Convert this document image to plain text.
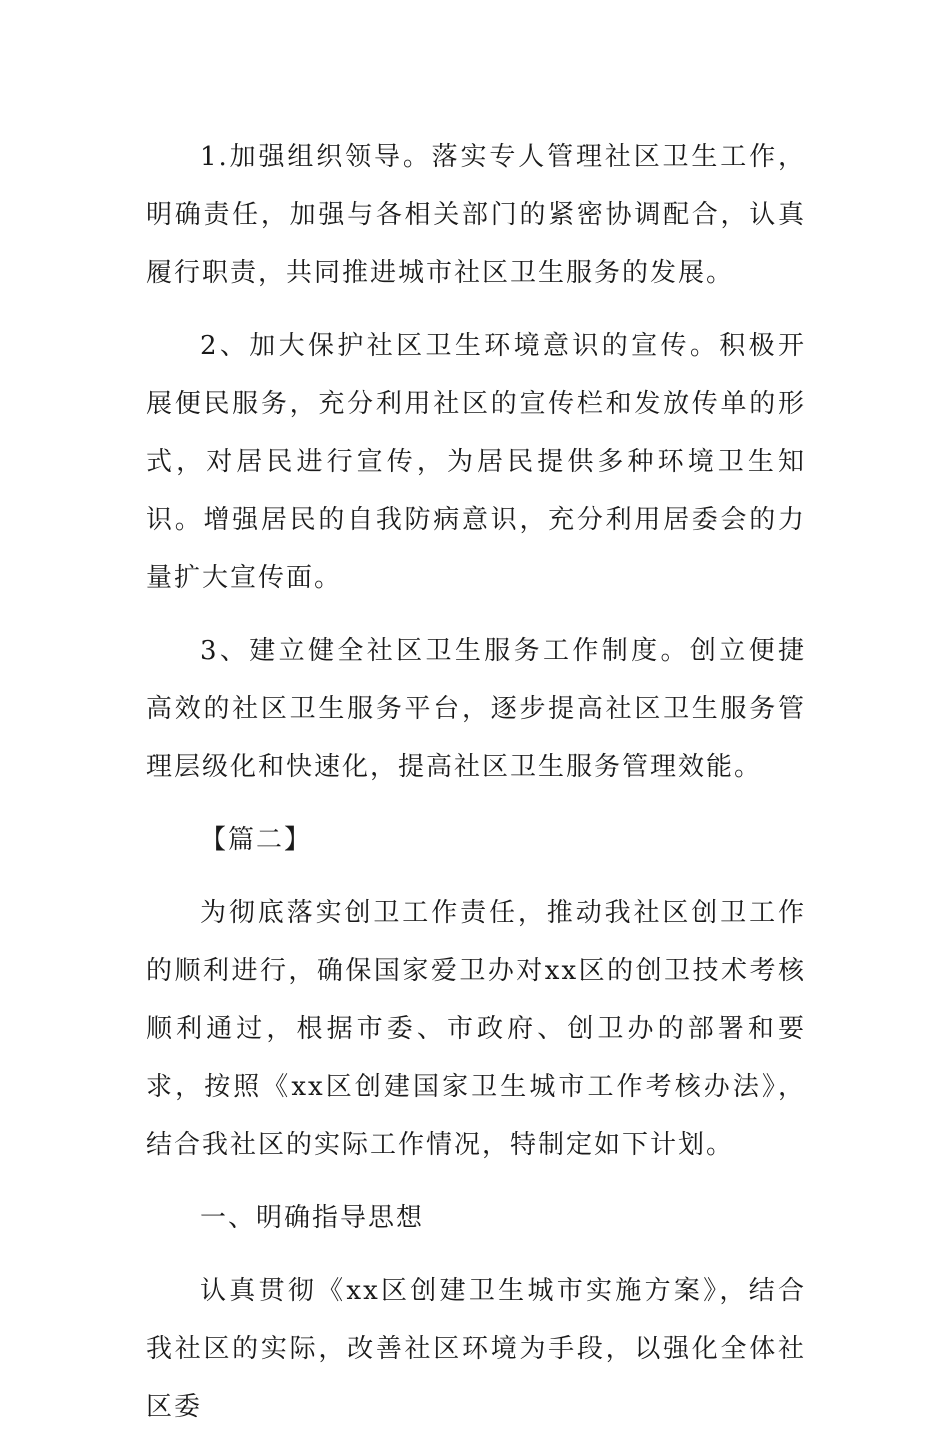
1.加强组织领导。落实专人管理社区卫生工作，明确责任，加强与各相关部门的紧密协调配合，认真履行职责，共同推进城市社区卫生服务的发展。

2、加大保护社区卫生环境意识的宣传。积极开展便民服务，充分利用社区的宣传栏和发放传单的形式，对居民进行宣传，为居民提供多种环境卫生知识。增强居民的自我防病意识，充分利用居委会的力量扩大宣传面。

3、建立健全社区卫生服务工作制度。创立便捷高效的社区卫生服务平台，逐步提高社区卫生服务管理层级化和快速化，提高社区卫生服务管理效能。

【篇二】

为彻底落实创卫工作责任，推动我社区创卫工作的顺利进行，确保国家爱卫办对xx区的创卫技术考核顺利通过，根据市委、市政府、创卫办的部署和要求，按照《xx区创建国家卫生城市工作考核办法》，结合我社区的实际工作情况，特制定如下计划。

一、明确指导思想

认真贯彻《xx区创建卫生城市实施方案》，结合我社区的实际，改善社区环境为手段，以强化全体社区委
